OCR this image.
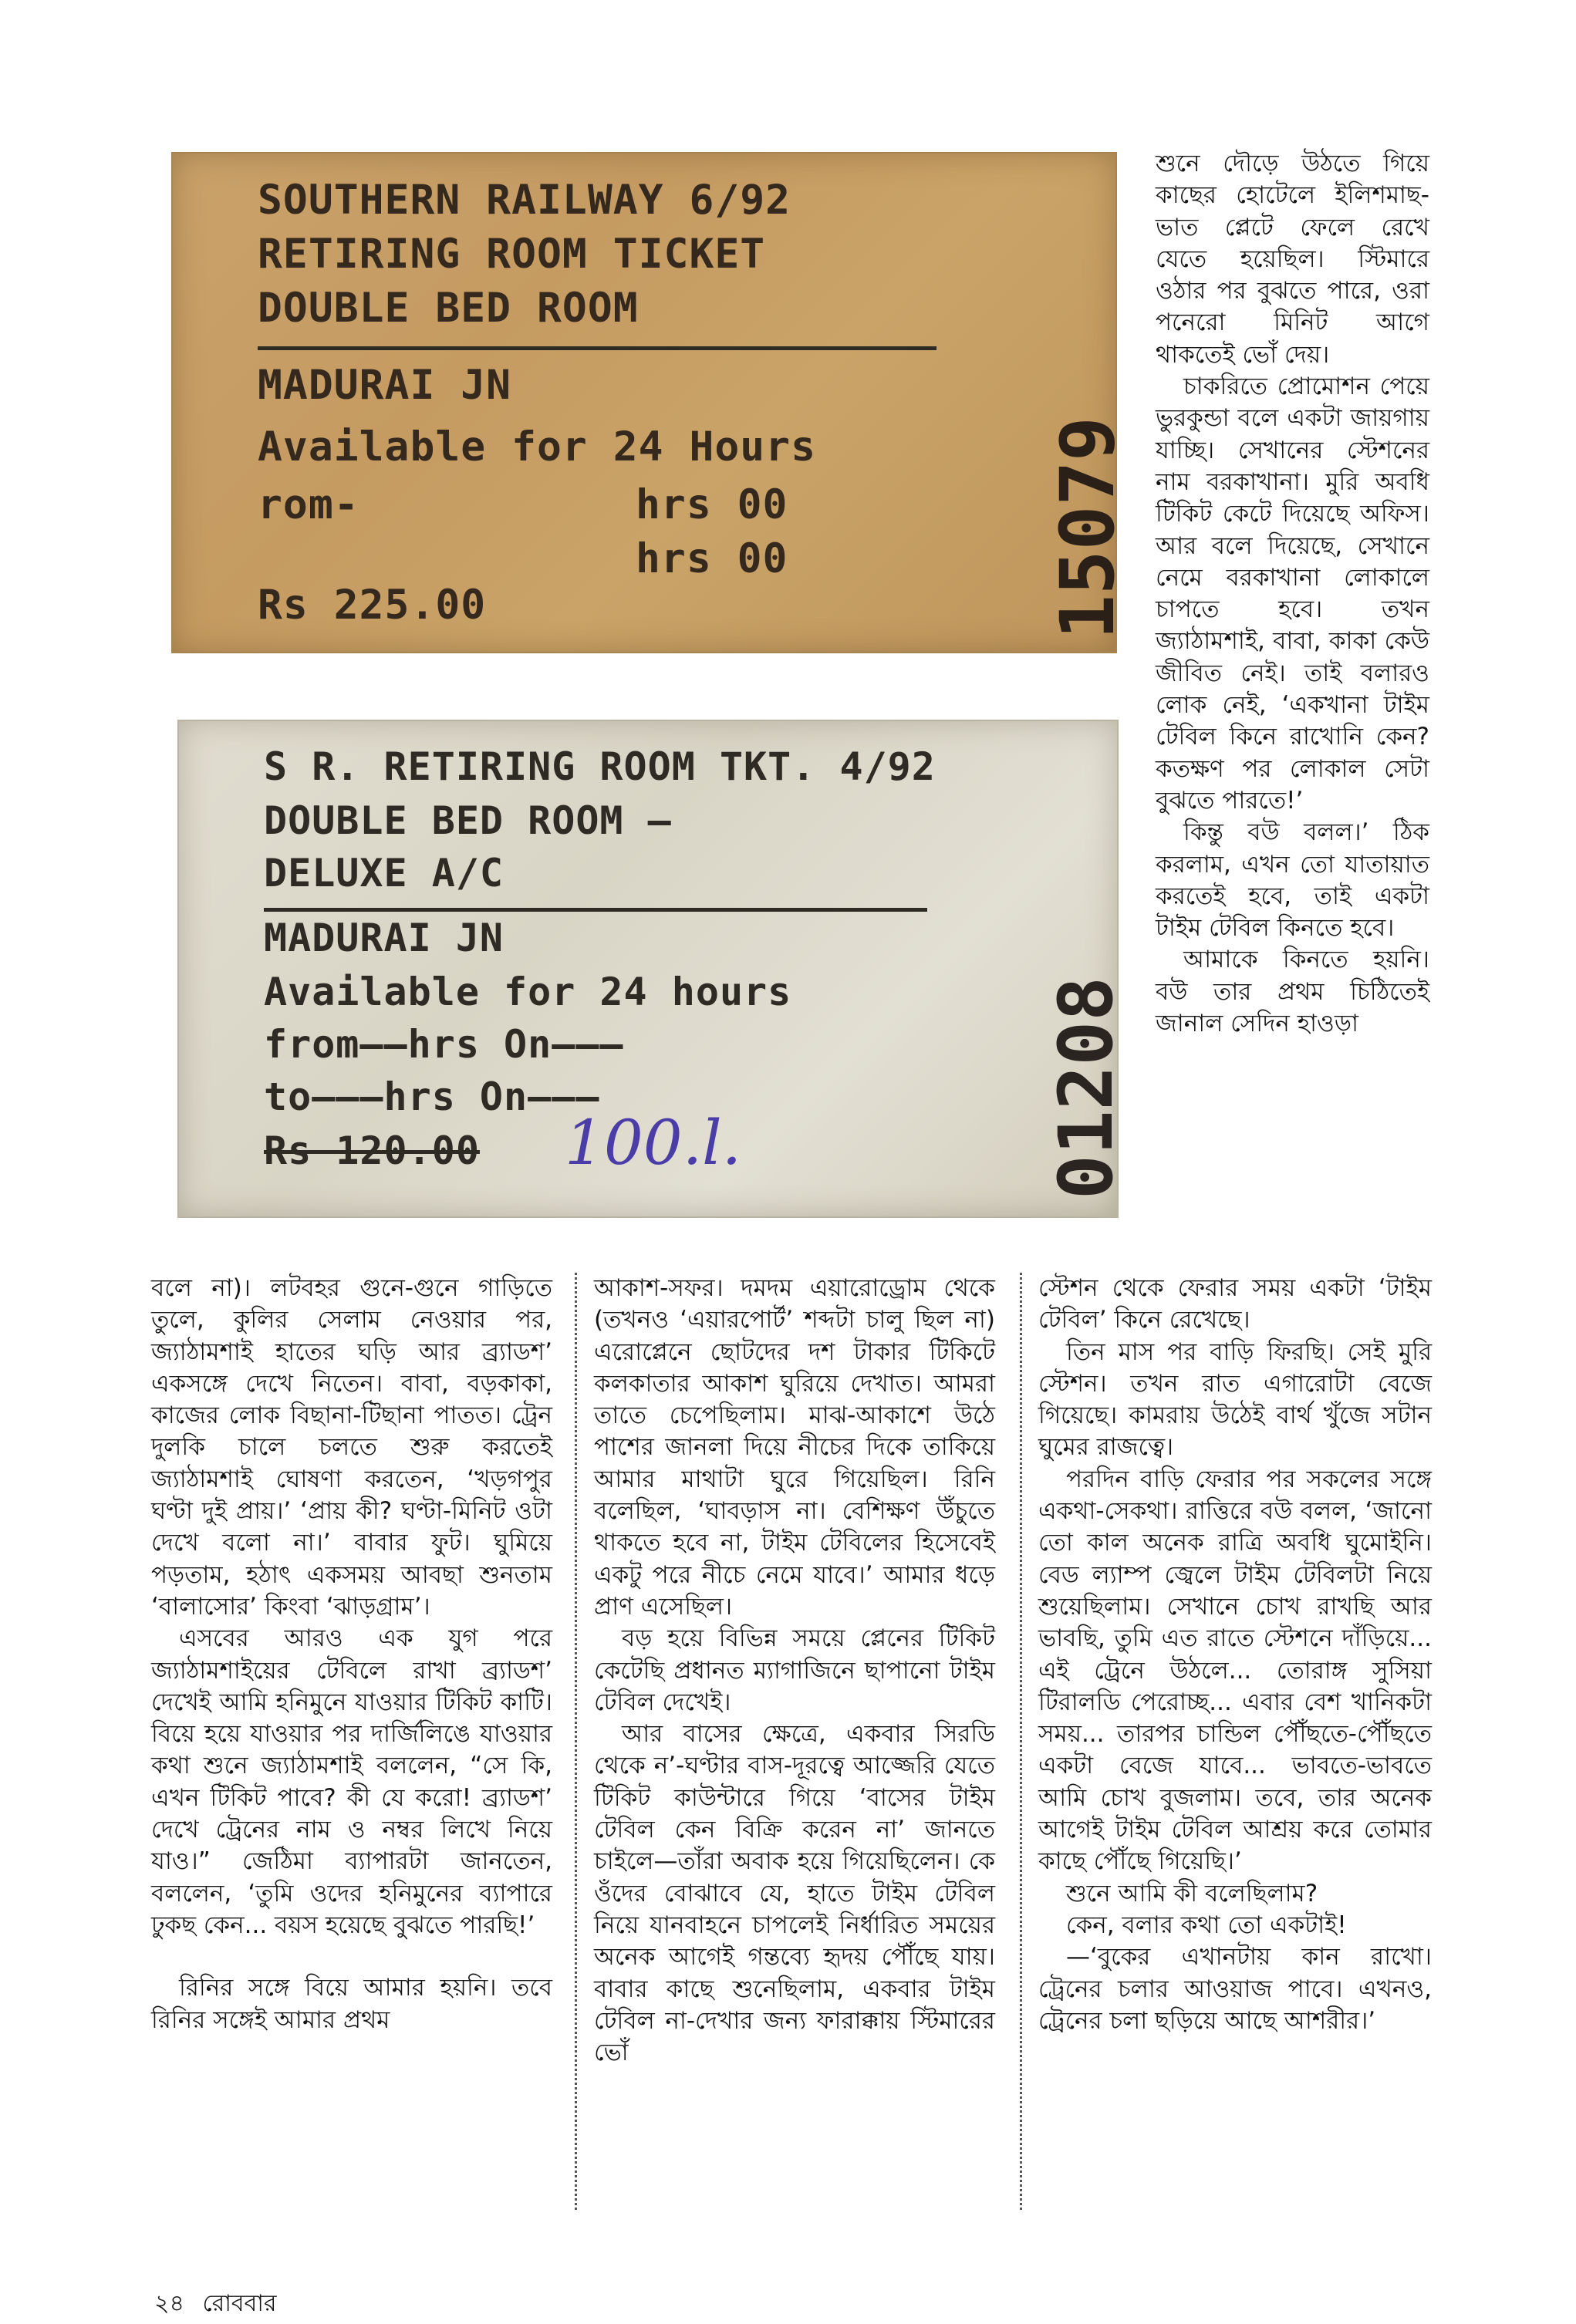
SOUTHERN RAILWAY 6/92
RETIRING ROOM TICKET
DOUBLE BED ROOM
MADURAI JN
Available for 24 Hours
rom-	hrs 00
hrs 00
Rs 225.00	15079
S R. RETIRING ROOM TKT. 4/92
DOUBLE BED ROOM —
DELUXE A/C
MADURAI JN
Available for 24 hours
from——hrs On———
to———hrs On———
Rs 120.00 100.l.	01208

শুনে দৌড়ে উঠতে গিয়ে কাছের হোটেলে ইলিশমাছ-ভাত প্লেটে ফেলে রেখে যেতে হয়েছিল। স্টিমারে ওঠার পর বুঝতে পারে, ওরা পনেরো মিনিট আগে থাকতেই ভোঁ দেয়।

চাকরিতে প্রোমোশন পেয়ে ভুরকুন্ডা বলে একটা জায়গায় যাচ্ছি। সেখানের স্টেশনের নাম বরকাখানা। মুরি অবধি টিকিট কেটে দিয়েছে অফিস। আর বলে দিয়েছে, সেখানে নেমে বরকাখানা লোকালে চাপতে হবে। তখন জ্যাঠামশাই, বাবা, কাকা কেউ জীবিত নেই। তাই বলারও লোক নেই, ‘একখানা টাইম টেবিল কিনে রাখোনি কেন? কতক্ষণ পর লোকাল সেটা বুঝতে পারতে!’

কিন্তু বউ বলল।’ ঠিক করলাম, এখন তো যাতায়াত করতেই হবে, তাই একটা টাইম টেবিল কিনতে হবে।

আমাকে কিনতে হয়নি। বউ তার প্রথম চিঠিতেই জানাল সেদিন হাওড়া

বলে না)। লটবহর গুনে-গুনে গাড়িতে তুলে, কুলির সেলাম নেওয়ার পর, জ্যাঠামশাই হাতের ঘড়ি আর ব্র্যাডশ’ একসঙ্গে দেখে নিতেন। বাবা, বড়কাকা, কাজের লোক বিছানা-টিছানা পাতত। ট্রেন দুলকি চালে চলতে শুরু করতেই জ্যাঠামশাই ঘোষণা করতেন, ‘খড়গপুর ঘণ্টা দুই প্রায়।’ ‘প্রায় কী? ঘণ্টা-মিনিট ওটা দেখে বলো না।’ বাবার ফুট। ঘুমিয়ে পড়তাম, হঠাৎ একসময় আবছা শুনতাম ‘বালাসোর’ কিংবা ‘ঝাড়গ্রাম’।

এসবের আরও এক যুগ পরে জ্যাঠামশাইয়ের টেবিলে রাখা ব্র্যাডশ’ দেখেই আমি হনিমুনে যাওয়ার টিকিট কাটি। বিয়ে হয়ে যাওয়ার পর দার্জিলিঙে যাওয়ার কথা শুনে জ্যাঠামশাই বললেন, “সে কি, এখন টিকিট পাবে? কী যে করো! ব্র্যাডশ’ দেখে ট্রেনের নাম ও নম্বর লিখে নিয়ে যাও।” জেঠিমা ব্যাপারটা জানতেন, বললেন, ‘তুমি ওদের হনিমুনের ব্যাপারে ঢুকছ কেন... বয়স হয়েছে বুঝতে পারছি!’

রিনির সঙ্গে বিয়ে আমার হয়নি। তবে রিনির সঙ্গেই আমার প্রথম

আকাশ-সফর। দমদম এয়ারোড্রোম থেকে (তখনও ‘এয়ারপোর্ট’ শব্দটা চালু ছিল না) এরোপ্লেনে ছোটদের দশ টাকার টিকিটে কলকাতার আকাশ ঘুরিয়ে দেখাত। আমরা তাতে চেপেছিলাম। মাঝ-আকাশে উঠে পাশের জানলা দিয়ে নীচের দিকে তাকিয়ে আমার মাথাটা ঘুরে গিয়েছিল। রিনি বলেছিল, ‘ঘাবড়াস না। বেশিক্ষণ উঁচুতে থাকতে হবে না, টাইম টেবিলের হিসেবেই একটু পরে নীচে নেমে যাবে।’ আমার ধড়ে প্রাণ এসেছিল।

বড় হয়ে বিভিন্ন সময়ে প্লেনের টিকিট কেটেছি প্রধানত ম্যাগাজিনে ছাপানো টাইম টেবিল দেখেই।

আর বাসের ক্ষেত্রে, একবার সিরডি থেকে ন’-ঘণ্টার বাস-দূরত্বে আজ্জেরি যেতে টিকিট কাউন্টারে গিয়ে ‘বাসের টাইম টেবিল কেন বিক্রি করেন না’ জানতে চাইলে—তাঁরা অবাক হয়ে গিয়েছিলেন। কে ওঁদের বোঝাবে যে, হাতে টাইম টেবিল নিয়ে যানবাহনে চাপলেই নির্ধারিত সময়ের অনেক আগেই গন্তব্যে হৃদয় পৌঁছে যায়। বাবার কাছে শুনেছিলাম, একবার টাইম টেবিল না-দেখার জন্য ফারাক্কায় স্টিমারের ভোঁ

স্টেশন থেকে ফেরার সময় একটা ‘টাইম টেবিল’ কিনে রেখেছে।

তিন মাস পর বাড়ি ফিরছি। সেই মুরি স্টেশন। তখন রাত এগারোটা বেজে গিয়েছে। কামরায় উঠেই বার্থ খুঁজে সটান ঘুমের রাজত্বে।

পরদিন বাড়ি ফেরার পর সকলের সঙ্গে একথা-সেকথা। রাত্তিরে বউ বলল, ‘জানো তো কাল অনেক রাত্রি অবধি ঘুমোইনি। বেড ল্যাম্প জ্বেলে টাইম টেবিলটা নিয়ে শুয়েছিলাম। সেখানে চোখ রাখছি আর ভাবছি, তুমি এত রাতে স্টেশনে দাঁড়িয়ে... এই ট্রেনে উঠলে... তোরাঙ্গ সুসিয়া টিরালডি পেরোচ্ছ... এবার বেশ খানিকটা সময়... তারপর চান্ডিল পৌঁছতে-পৌঁছতে একটা বেজে যাবে... ভাবতে-ভাবতে আমি চোখ বুজলাম। তবে, তার অনেক আগেই টাইম টেবিল আশ্রয় করে তোমার কাছে পৌঁছে গিয়েছি।’

শুনে আমি কী বলেছিলাম?

কেন, বলার কথা তো একটাই!

—‘বুকের এখানটায় কান রাখো। ট্রেনের চলার আওয়াজ পাবে। এখনও, ট্রেনের চলা ছড়িয়ে আছে আশরীর।’

২৪ রোববার
